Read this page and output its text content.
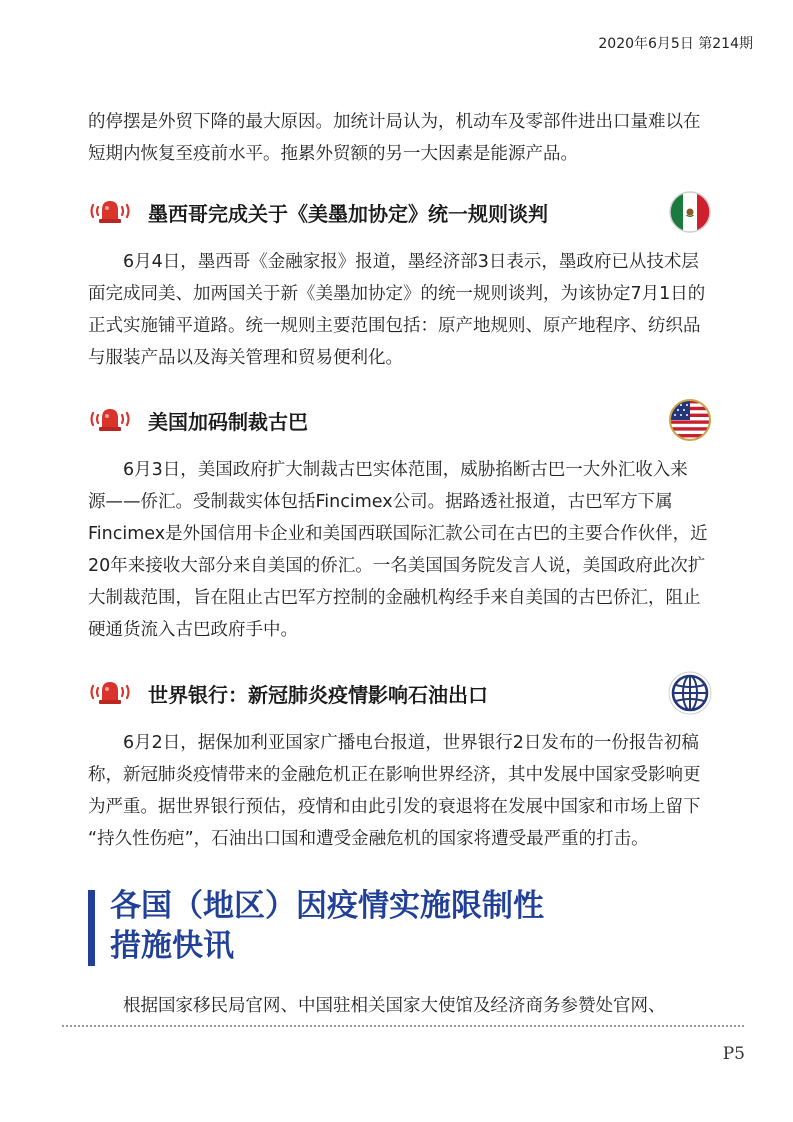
2020年6月5日 第214期

的停摆是外贸下降的最大原因。加统计局认为，机动车及零部件进出口量难以在
短期内恢复至疫前水平。拖累外贸额的另一大因素是能源产品。

墨西哥完成关于《美墨加协定》统一规则谈判

6月4日，墨西哥《金融家报》报道，墨经济部3日表示，墨政府已从技术层
面完成同美、加两国关于新《美墨加协定》的统一规则谈判，为该协定7月1日的
正式实施铺平道路。统一规则主要范围包括：原产地规则、原产地程序、纺织品
与服装产品以及海关管理和贸易便利化。

美国加码制裁古巴

6月3日，美国政府扩大制裁古巴实体范围，威胁掐断古巴一大外汇收入来
源——侨汇。受制裁实体包括Fincimex公司。据路透社报道，古巴军方下属
Fincimex是外国信用卡企业和美国西联国际汇款公司在古巴的主要合作伙伴，近
20年来接收大部分来自美国的侨汇。一名美国国务院发言人说，美国政府此次扩
大制裁范围，旨在阻止古巴军方控制的金融机构经手来自美国的古巴侨汇，阻止
硬通货流入古巴政府手中。

世界银行：新冠肺炎疫情影响石油出口

6月2日，据保加利亚国家广播电台报道，世界银行2日发布的一份报告初稿
称，新冠肺炎疫情带来的金融危机正在影响世界经济，其中发展中国家受影响更
为严重。据世界银行预估，疫情和由此引发的衰退将在发展中国家和市场上留下
“持久性伤疤”，石油出口国和遭受金融危机的国家将遭受最严重的打击。

各国（地区）因疫情实施限制性
措施快讯

根据国家移民局官网、中国驻相关国家大使馆及经济商务参赞处官网、

P5
